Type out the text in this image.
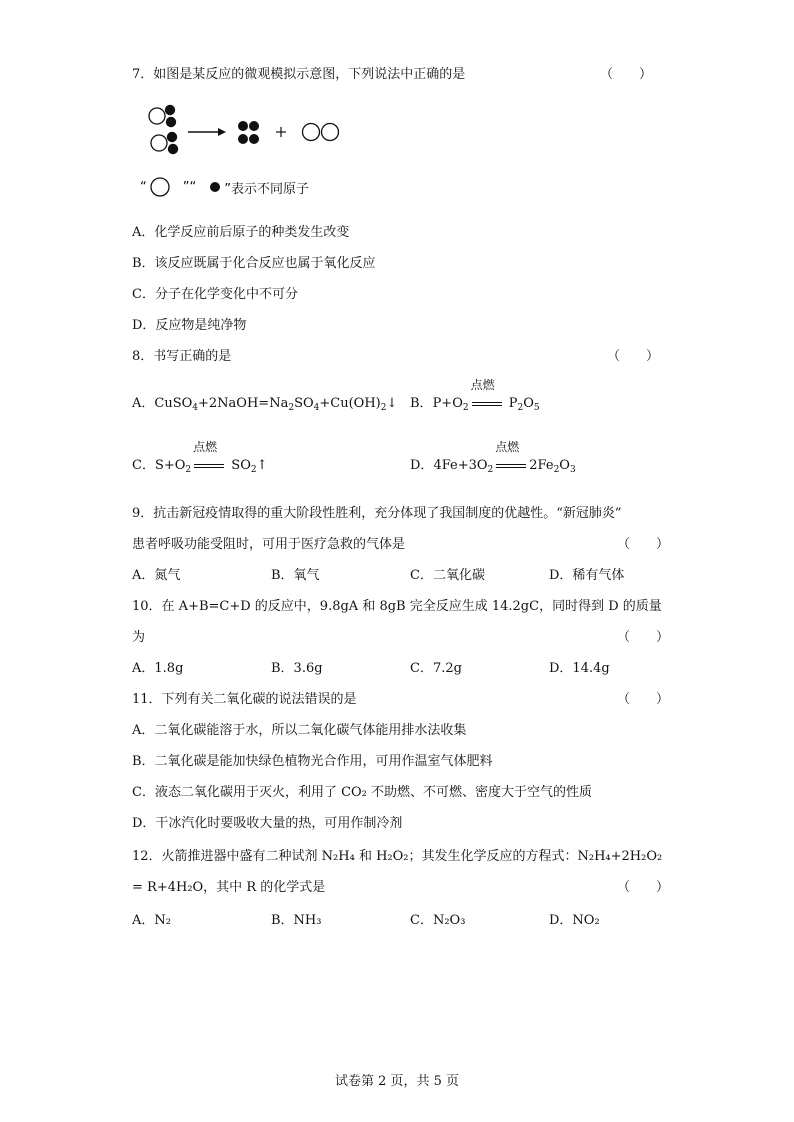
7．如图是某反应的微观模拟示意图，下列说法中正确的是	（　　）
“	”“ ”表示不同原子
A．化学反应前后原子的种类发生改变
B．该反应既属于化合反应也属于氧化反应
C．分子在化学变化中不可分
D．反应物是纯净物
8．书写正确的是	（　　）
A．$CuSO_4+2NaOH=Na_2SO_4+Cu(OH)_2↓$ B．$P+O_2$
点燃
$P_2O_5$
C．$S+O_2$
点燃
$SO_2↑$	D．$4Fe+3O_2$
点燃
$2Fe_2O_3$
9．抗击新冠疫情取得的重大阶段性胜利，充分体现了我国制度的优越性。“新冠肺炎”
患者呼吸功能受阻时，可用于医疗急救的气体是	（　　）
A．氮气	B．氧气	C．二氧化碳	D．稀有气体
10．在 A+B=C+D 的反应中，9.8gA 和 8gB 完全反应生成 14.2gC，同时得到 D 的质量
为	（　　）
A．1.8g	B．3.6g	C．7.2g	D．14.4g
11．下列有关二氧化碳的说法错误的是	（　　）
A．二氧化碳能溶于水，所以二氧化碳气体能用排水法收集
B．二氧化碳是能加快绿色植物光合作用，可用作温室气体肥料
C．液态二氧化碳用于灭火，利用了 CO₂ 不助燃、不可燃、密度大于空气的性质
D．干冰汽化时要吸收大量的热，可用作制冷剂
12．火箭推进器中盛有二种试剂 N₂H₄ 和 H₂O₂；其发生化学反应的方程式：N₂H₄+2H₂O₂
= R+4H₂O，其中 R 的化学式是	（　　）
A．N₂	B．NH₃	C．N₂O₃	D．NO₂
试卷第 2 页，共 5 页
